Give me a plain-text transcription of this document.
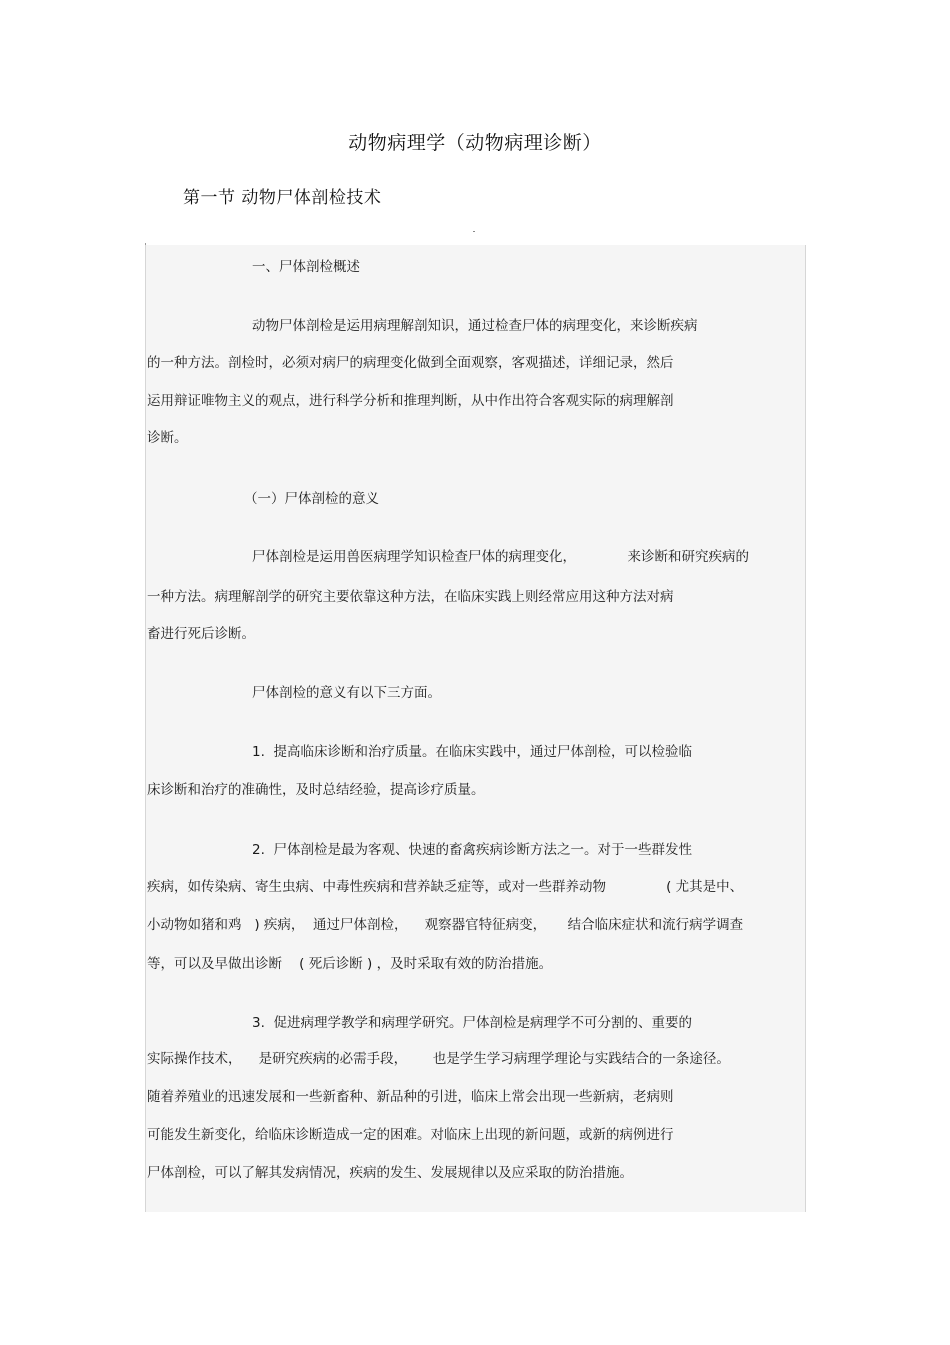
动物病理学（动物病理诊断）
第一节 动物尸体剖检技术
一、尸体剖检概述
动物尸体剖检是运用病理解剖知识，通过检查尸体的病理变化，来诊断疾病
的一种方法。剖检时，必须对病尸的病理变化做到全面观察，客观描述，详细记录，然后
运用辩证唯物主义的观点，进行科学分析和推理判断，从中作出符合客观实际的病理解剖
诊断。
（一）尸体剖检的意义
尸体剖检是运用兽医病理学知识检查尸体的病理变化，            来诊断和研究疾病的
一种方法。病理解剖学的研究主要依靠这种方法，在临床实践上则经常应用这种方法对病
畜进行死后诊断。
尸体剖检的意义有以下三方面。
1.  提高临床诊断和治疗质量。在临床实践中，通过尸体剖检，可以检验临
床诊断和治疗的准确性，及时总结经验，提高诊疗质量。
2.  尸体剖检是最为客观、快速的畜禽疾病诊断方法之一。对于一些群发性
疾病，如传染病、寄生虫病、中毒性疾病和营养缺乏症等，或对一些群养动物              ( 尤其是中、
小动物如猪和鸡   ) 疾病，  通过尸体剖检，    观察器官特征病变，     结合临床症状和流行病学调查
等，可以及早做出诊断    ( 死后诊断 ) ，及时采取有效的防治措施。
3.  促进病理学教学和病理学研究。尸体剖检是病理学不可分割的、重要的
实际操作技术，    是研究疾病的必需手段，      也是学生学习病理学理论与实践结合的一条途径。
随着养殖业的迅速发展和一些新畜种、新品种的引进，临床上常会出现一些新病，老病则
可能发生新变化，给临床诊断造成一定的困难。对临床上出现的新问题，或新的病例进行
尸体剖检，可以了解其发病情况，疾病的发生、发展规律以及应采取的防治措施。
